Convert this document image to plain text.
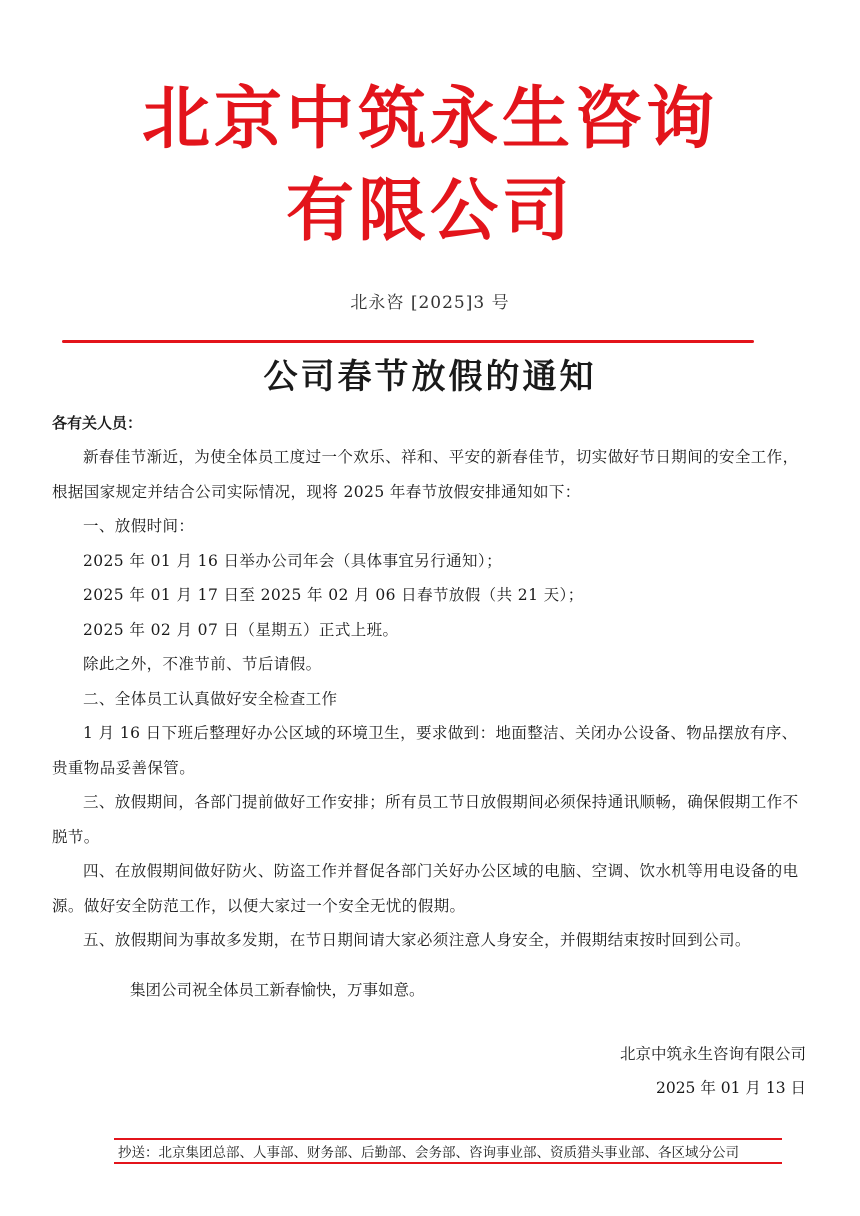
北京中筑永生咨询
有限公司
北永咨 [2025]3 号
公司春节放假的通知
各有关人员：

新春佳节渐近，为使全体员工度过一个欢乐、祥和、平安的新春佳节，切实做好节日期间的安全工作，根据国家规定并结合公司实际情况，现将 2025 年春节放假安排通知如下：

一、放假时间：

2025 年 01 月 16 日举办公司年会（具体事宜另行通知）；

2025 年 01 月 17 日至 2025 年 02 月 06 日春节放假（共 21 天）；

2025 年 02 月 07 日（星期五）正式上班。

除此之外，不准节前、节后请假。

二、全体员工认真做好安全检查工作

1 月 16 日下班后整理好办公区域的环境卫生，要求做到：地面整洁、关闭办公设备、物品摆放有序、贵重物品妥善保管。

三、放假期间，各部门提前做好工作安排；所有员工节日放假期间必须保持通讯顺畅，确保假期工作不脱节。

四、在放假期间做好防火、防盗工作并督促各部门关好办公区域的电脑、空调、饮水机等用电设备的电源。做好安全防范工作，以便大家过一个安全无忧的假期。

五、放假期间为事故多发期，在节日期间请大家必须注意人身安全，并假期结束按时回到公司。

集团公司祝全体员工新春愉快，万事如意。
北京中筑永生咨询有限公司
2025 年 01 月 13 日
抄送：北京集团总部、人事部、财务部、后勤部、会务部、咨询事业部、资质猎头事业部、各区域分公司
